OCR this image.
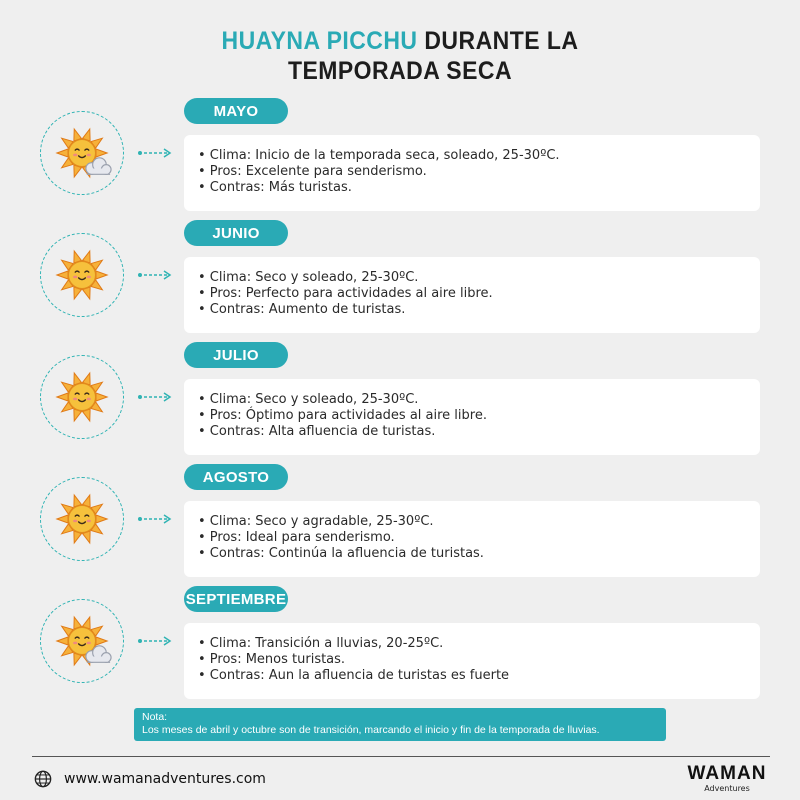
HUAYNA PICCHU DURANTE LA
TEMPORADA SECA
MAYO
• Clima: Inicio de la temporada seca, soleado, 25-30ºC.
• Pros: Excelente para senderismo.
• Contras: Más turistas.
JUNIO
• Clima: Seco y soleado, 25-30ºC.
• Pros: Perfecto para actividades al aire libre.
• Contras: Aumento de turistas.
JULIO
• Clima: Seco y soleado, 25-30ºC.
• Pros: Óptimo para actividades al aire libre.
• Contras: Alta afluencia de turistas.
AGOSTO
• Clima: Seco y agradable, 25-30ºC.
• Pros: Ideal para senderismo.
• Contras: Continúa la afluencia de turistas.
SEPTIEMBRE
• Clima: Transición a lluvias, 20-25ºC.
• Pros: Menos turistas.
• Contras: Aun la afluencia de turistas es fuerte
Nota:
Los meses de abril y octubre son de transición, marcando el inicio y fin de la temporada de lluvias.
www.wamanadventures.com	WAMAN
Adventures
